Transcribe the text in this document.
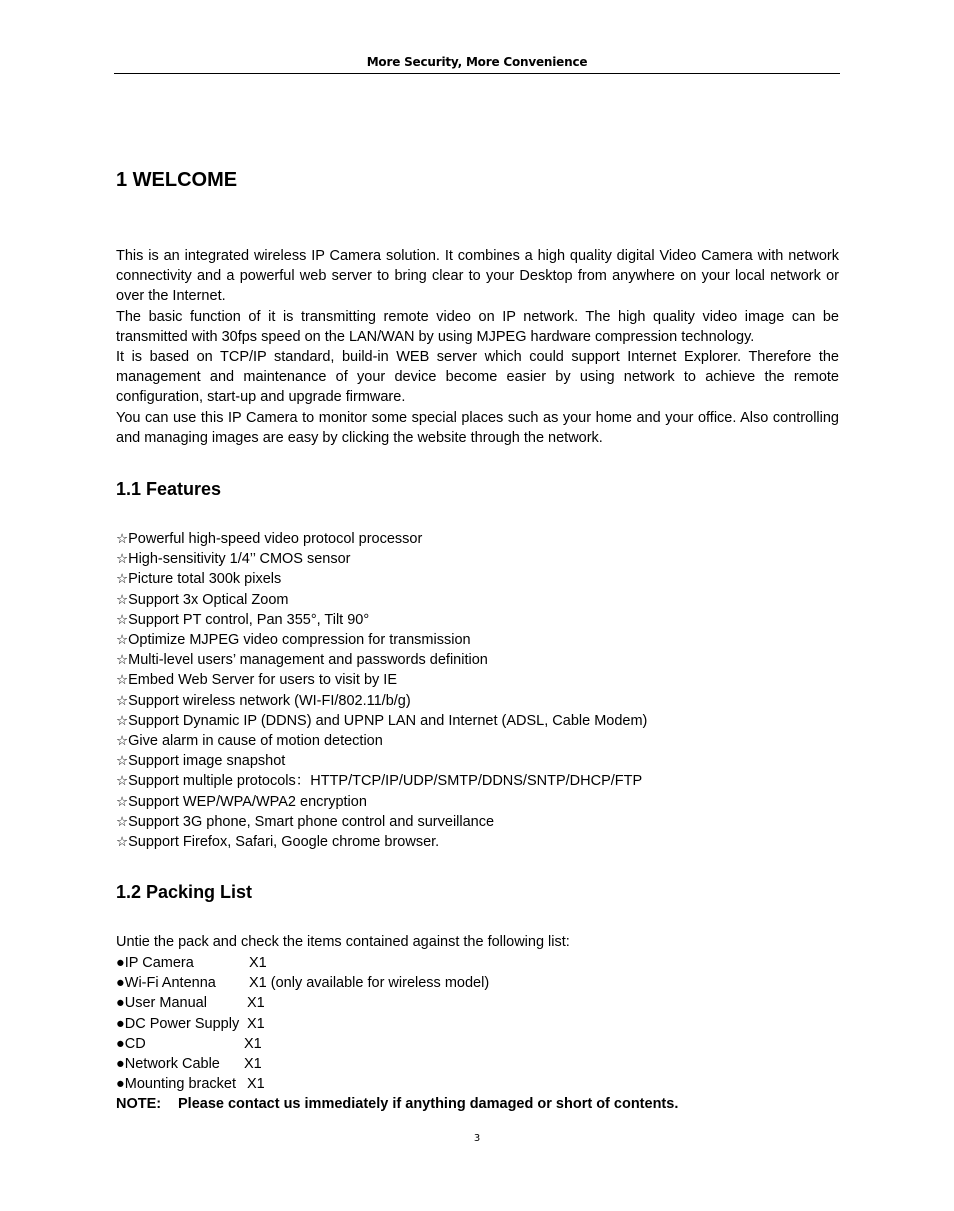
More Security, More Convenience
1 WELCOME

This is an integrated wireless IP Camera solution. It combines a high quality digital Video Camera with network connectivity and a powerful web server to bring clear to your Desktop from anywhere on your local network or over the Internet.

The basic function of it is transmitting remote video on IP network. The high quality video image can be transmitted with 30fps speed on the LAN/WAN by using MJPEG hardware compression technology.

It is based on TCP/IP standard, build-in WEB server which could support Internet Explorer. Therefore the management and maintenance of your device become easier by using network to achieve the remote configuration, start-up and upgrade firmware.

You can use this IP Camera to monitor some special places such as your home and your office. Also controlling and managing images are easy by clicking the website through the network.

1.1 Features
☆Powerful high-speed video protocol processor
☆High-sensitivity 1/4’’ CMOS sensor
☆Picture total 300k pixels
☆Support 3x Optical Zoom
☆Support PT control, Pan 355°, Tilt 90°
☆Optimize MJPEG video compression for transmission
☆Multi-level users’ management and passwords definition
☆Embed Web Server for users to visit by IE
☆Support wireless network (WI-FI/802.11/b/g)
☆Support Dynamic IP (DDNS) and UPNP LAN and Internet (ADSL, Cable Modem)
☆Give alarm in cause of motion detection
☆Support image snapshot
☆Support multiple protocols：HTTP/TCP/IP/UDP/SMTP/DDNS/SNTP/DHCP/FTP
☆Support WEP/WPA/WPA2 encryption
☆Support 3G phone, Smart phone control and surveillance
☆Support Firefox, Safari, Google chrome browser.
1.2 Packing List

Untie the pack and check the items contained against the following list:

●IP Camera	X1
●Wi-Fi Antenna	X1 (only available for wireless model)
●User Manual	X1
●DC Power Supply X1
●CD	X1
●Network Cable	X1
●Mounting bracket X1

NOTE: Please contact us immediately if anything damaged or short of contents.

3
